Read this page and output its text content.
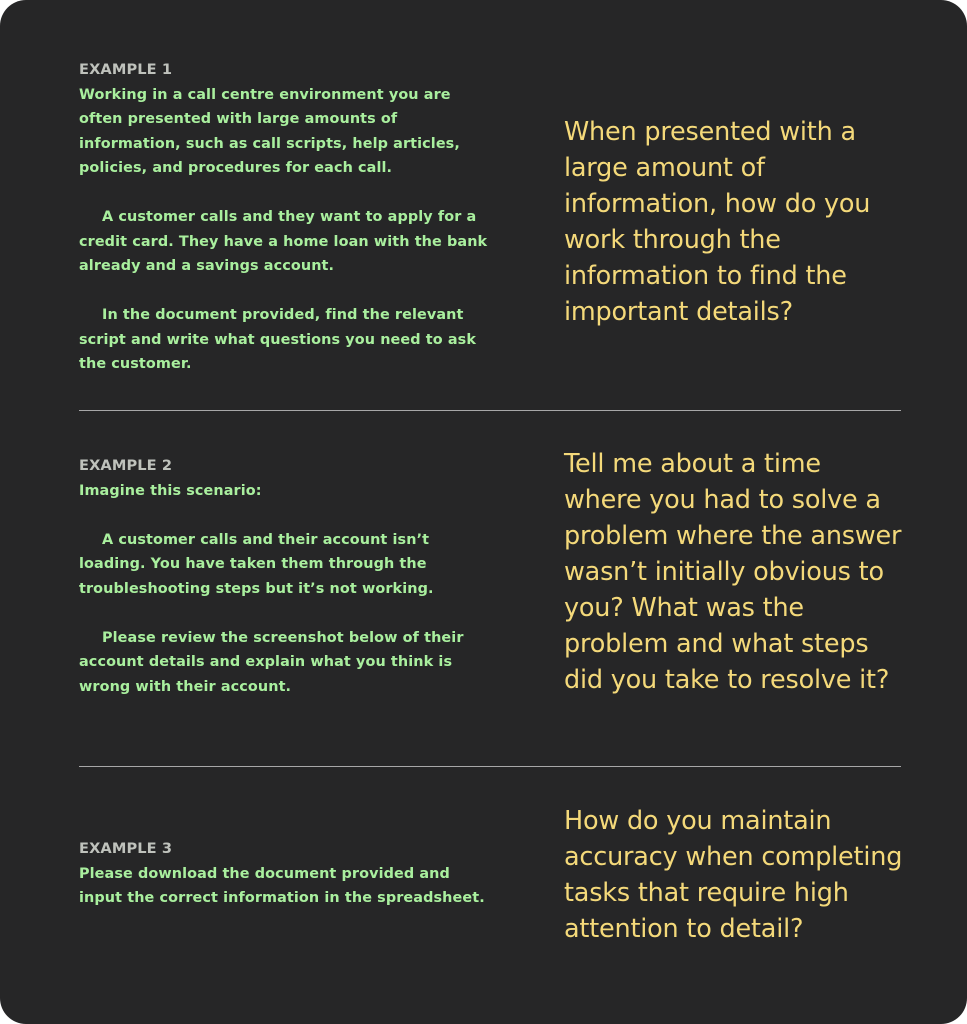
EXAMPLE 1
Working in a call centre environment you are often presented with large amounts of information, such as call scripts, help articles, policies, and procedures for each call.
A customer calls and they want to apply for a credit card. They have a home loan with the bank already and a savings account.
In the document provided, find the relevant script and write what questions you need to ask the customer.
When presented with a large amount of information, how do you work through the information to find the important details?
EXAMPLE 2
Imagine this scenario:
A customer calls and their account isn’t loading. You have taken them through the troubleshooting steps but it’s not working.
Please review the screenshot below of their account details and explain what you think is wrong with their account.
Tell me about a time where you had to solve a problem where the answer wasn’t initially obvious to you? What was the problem and what steps did you take to resolve it?
EXAMPLE 3
Please download the document provided and input the correct information in the spreadsheet.
How do you maintain accuracy when completing tasks that require high attention to detail?
